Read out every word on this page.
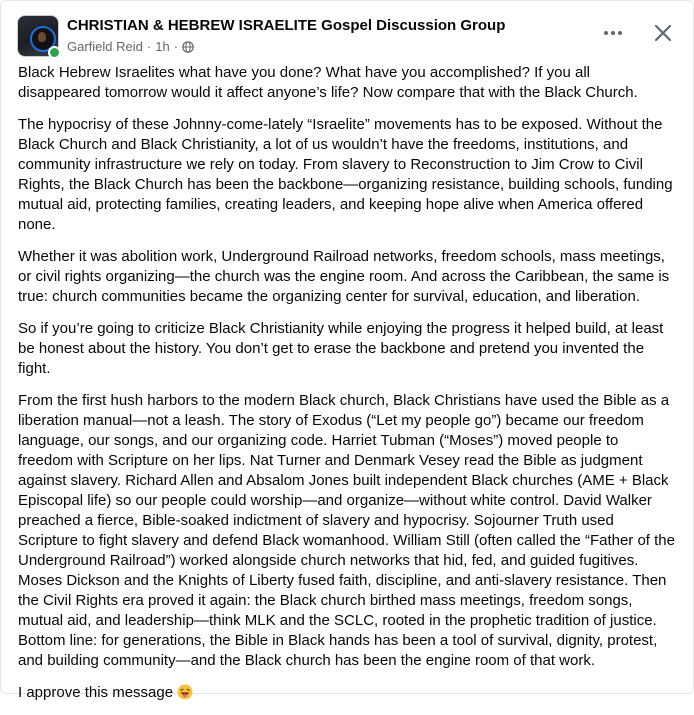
CHRISTIAN & HEBREW ISRAELITE Gospel Discussion Group
Garfield Reid · 1h ·

Black Hebrew Israelites what have you done? What have you accomplished? If you all disappeared tomorrow would it affect anyone’s life? Now compare that with the Black Church.

The hypocrisy of these Johnny-come-lately “Israelite” movements has to be exposed. Without the Black Church and Black Christianity, a lot of us wouldn’t have the freedoms, institutions, and community infrastructure we rely on today. From slavery to Reconstruction to Jim Crow to Civil Rights, the Black Church has been the backbone—organizing resistance, building schools, funding mutual aid, protecting families, creating leaders, and keeping hope alive when America offered none.

Whether it was abolition work, Underground Railroad networks, freedom schools, mass meetings, or civil rights organizing—the church was the engine room. And across the Caribbean, the same is true: church communities became the organizing center for survival, education, and liberation.

So if you’re going to criticize Black Christianity while enjoying the progress it helped build, at least be honest about the history. You don’t get to erase the backbone and pretend you invented the fight.

From the first hush harbors to the modern Black church, Black Christians have used the Bible as a liberation manual—not a leash. The story of Exodus (“Let my people go”) became our freedom language, our songs, and our organizing code. Harriet Tubman (“Moses”) moved people to freedom with Scripture on her lips. Nat Turner and Denmark Vesey read the Bible as judgment against slavery. Richard Allen and Absalom Jones built independent Black churches (AME + Black Episcopal life) so our people could worship—and organize—without white control. David Walker preached a fierce, Bible-soaked indictment of slavery and hypocrisy. Sojourner Truth used Scripture to fight slavery and defend Black womanhood. William Still (often called the “Father of the Underground Railroad”) worked alongside church networks that hid, fed, and guided fugitives. Moses Dickson and the Knights of Liberty fused faith, discipline, and anti-slavery resistance. Then the Civil Rights era proved it again: the Black church birthed mass meetings, freedom songs, mutual aid, and leadership—think MLK and the SCLC, rooted in the prophetic tradition of justice. Bottom line: for generations, the Bible in Black hands has been a tool of survival, dignity, protest, and building community—and the Black church has been the engine room of that work.

I approve this message
